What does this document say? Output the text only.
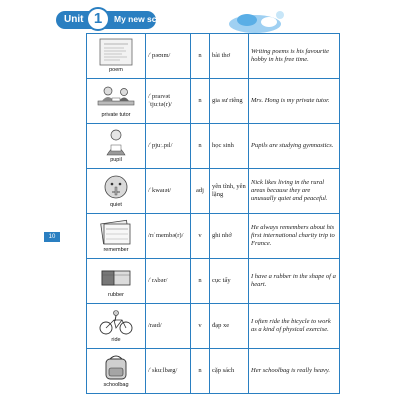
Unit 1	My new school
10
poem	/ˈpəʊɪm/	n	bài thơ	Writing poems is his favourite hobby in his free time.

private tutor	/ˈpraɪvət ˈtjuːtə(r)/	n	gia sư riêng	Mrs. Hong is my private tutor.

pupil	/ˈpjuː.pɪl/	n	học sinh	Pupils are studying gymnastics.

quiet	/ˈkwaɪət/	adj	yên tĩnh, yên lặng	Nick likes living in the rural areas because they are unusually quiet and peaceful.

remember	/rɪˈmembə(r)/	v	ghi nhớ	He always remembers about his first international charity trip to France.

rubber	/ˈrʌbər/	n	cục tẩy	I have a rubber in the shape of a heart.

ride	/raɪd/	v	đạp xe	I often ride the bicycle to work as a kind of physical exercise.

schoolbag	/ˈskuːlbæg/	n	cặp sách	Her schoolbag is really heavy.
